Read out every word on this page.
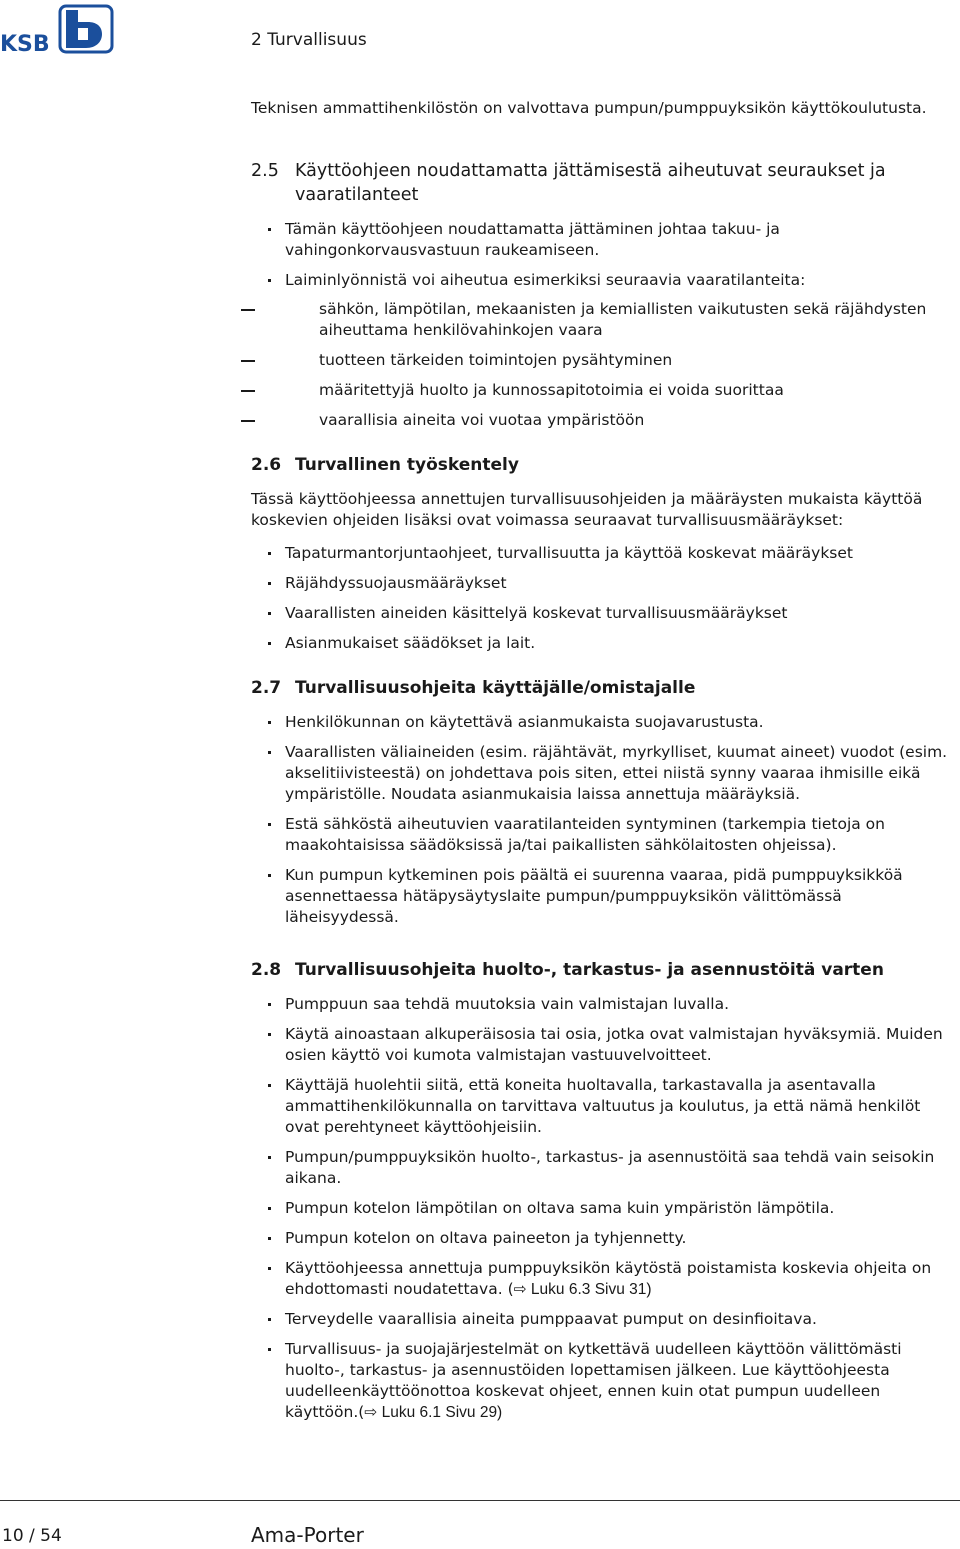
KSB	2 Turvallisuus

Teknisen ammattihenkilöstön on valvottava pumpun/pumppuyksikön käyttökoulutusta.

2.5 Käyttöohjeen noudattamatta jättämisestä aiheutuvat seuraukset ja vaaratilanteet
Tämän käyttöohjeen noudattamatta jättäminen johtaa takuu- ja vahingonkorvausvastuun raukeamiseen.
Laiminlyönnistä voi aiheutua esimerkiksi seuraavia vaaratilanteita:
sähkön, lämpötilan, mekaanisten ja kemiallisten vaikutusten sekä räjähdysten aiheuttama henkilövahinkojen vaara
tuotteen tärkeiden toimintojen pysähtyminen
määritettyjä huolto ja kunnossapitotoimia ei voida suorittaa
vaarallisia aineita voi vuotaa ympäristöön
2.6 Turvallinen työskentely

Tässä käyttöohjeessa annettujen turvallisuusohjeiden ja määräysten mukaista käyttöä koskevien ohjeiden lisäksi ovat voimassa seuraavat turvallisuusmääräykset:

Tapaturmantorjuntaohjeet, turvallisuutta ja käyttöä koskevat määräykset
Räjähdyssuojausmääräykset
Vaarallisten aineiden käsittelyä koskevat turvallisuusmääräykset
Asianmukaiset säädökset ja lait.
2.7 Turvallisuusohjeita käyttäjälle/omistajalle
Henkilökunnan on käytettävä asianmukaista suojavarustusta.
Vaarallisten väliaineiden (esim. räjähtävät, myrkylliset, kuumat aineet) vuodot (esim. akselitiivisteestä) on johdettava pois siten, ettei niistä synny vaaraa ihmisille eikä ympäristölle. Noudata asianmukaisia laissa annettuja määräyksiä.
Estä sähköstä aiheutuvien vaaratilanteiden syntyminen (tarkempia tietoja on maakohtaisissa säädöksissä ja/tai paikallisten sähkölaitosten ohjeissa).
Kun pumpun kytkeminen pois päältä ei suurenna vaaraa, pidä pumppuyksikköä asennettaessa hätäpysäytyslaite pumpun/pumppuyksikön välittömässä läheisyydessä.
2.8 Turvallisuusohjeita huolto-, tarkastus- ja asennustöitä varten
Pumppuun saa tehdä muutoksia vain valmistajan luvalla.
Käytä ainoastaan alkuperäisosia tai osia, jotka ovat valmistajan hyväksymiä. Muiden osien käyttö voi kumota valmistajan vastuuvelvoitteet.
Käyttäjä huolehtii siitä, että koneita huoltavalla, tarkastavalla ja asentavalla ammattihenkilökunnalla on tarvittava valtuutus ja koulutus, ja että nämä henkilöt ovat perehtyneet käyttöohjeisiin.
Pumpun/pumppuyksikön huolto-, tarkastus- ja asennustöitä saa tehdä vain seisokin aikana.
Pumpun kotelon lämpötilan on oltava sama kuin ympäristön lämpötila.
Pumpun kotelon on oltava paineeton ja tyhjennetty.
Käyttöohjeessa annettuja pumppuyksikön käytöstä poistamista koskevia ohjeita on ehdottomasti noudatettava. (⇨ Luku 6.3 Sivu 31)
Terveydelle vaarallisia aineita pumppaavat pumput on desinfioitava.
Turvallisuus- ja suojajärjestelmät on kytkettävä uudelleen käyttöön välittömästi huolto-, tarkastus- ja asennustöiden lopettamisen jälkeen. Lue käyttöohjeesta uudelleenkäyttöönottoa koskevat ohjeet, ennen kuin otat pumpun uudelleen käyttöön.(⇨ Luku 6.1 Sivu 29)
10 / 54	Ama-Porter
